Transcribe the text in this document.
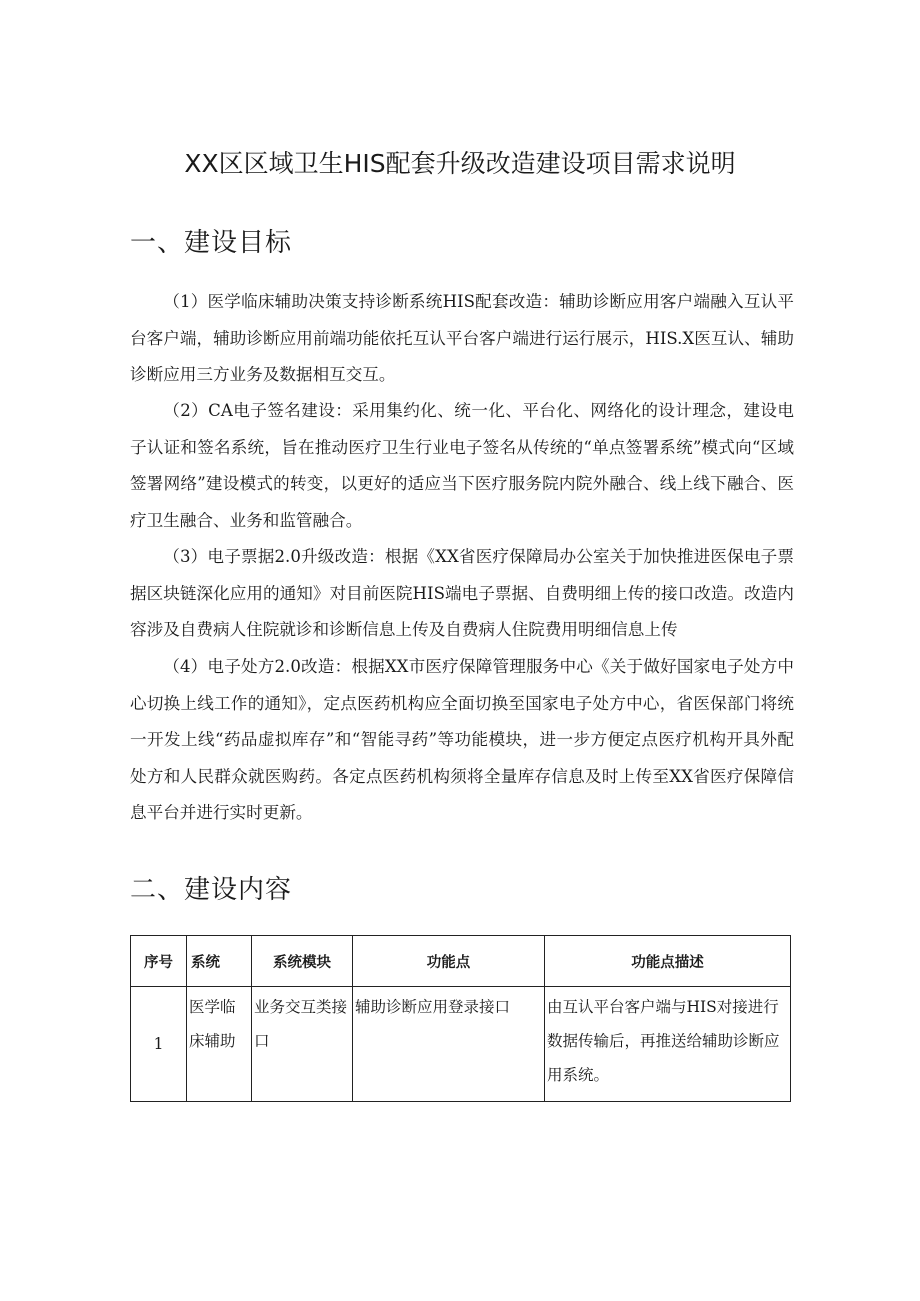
XX区区域卫生HIS配套升级改造建设项目需求说明
一、建设目标

（1）医学临床辅助决策支持诊断系统HIS配套改造：辅助诊断应用客户端融入互认平台客户端，辅助诊断应用前端功能依托互认平台客户端进行运行展示，HIS.X医互认、辅助诊断应用三方业务及数据相互交互。

（2）CA电子签名建设：采用集约化、统一化、平台化、网络化的设计理念，建设电子认证和签名系统，旨在推动医疗卫生行业电子签名从传统的“单点签署系统”模式向“区域签署网络”建设模式的转变，以更好的适应当下医疗服务院内院外融合、线上线下融合、医疗卫生融合、业务和监管融合。

（3）电子票据2.0升级改造：根据《XX省医疗保障局办公室关于加快推进医保电子票据区块链深化应用的通知》对目前医院HIS端电子票据、自费明细上传的接口改造。改造内容涉及自费病人住院就诊和诊断信息上传及自费病人住院费用明细信息上传

（4）电子处方2.0改造：根据XX市医疗保障管理服务中心《关于做好国家电子处方中心切换上线工作的通知》，定点医药机构应全面切换至国家电子处方中心，省医保部门将统一开发上线“药品虚拟库存”和“智能寻药”等功能模块，进一步方便定点医疗机构开具外配处方和人民群众就医购药。各定点医药机构须将全量库存信息及时上传至XX省医疗保障信息平台并进行实时更新。

二、建设内容
序号	系统	系统模块	功能点	功能点描述
1	医学临床辅助	业务交互类接口	辅助诊断应用登录接口	由互认平台客户端与HIS对接进行数据传输后，再推送给辅助诊断应用系统。
